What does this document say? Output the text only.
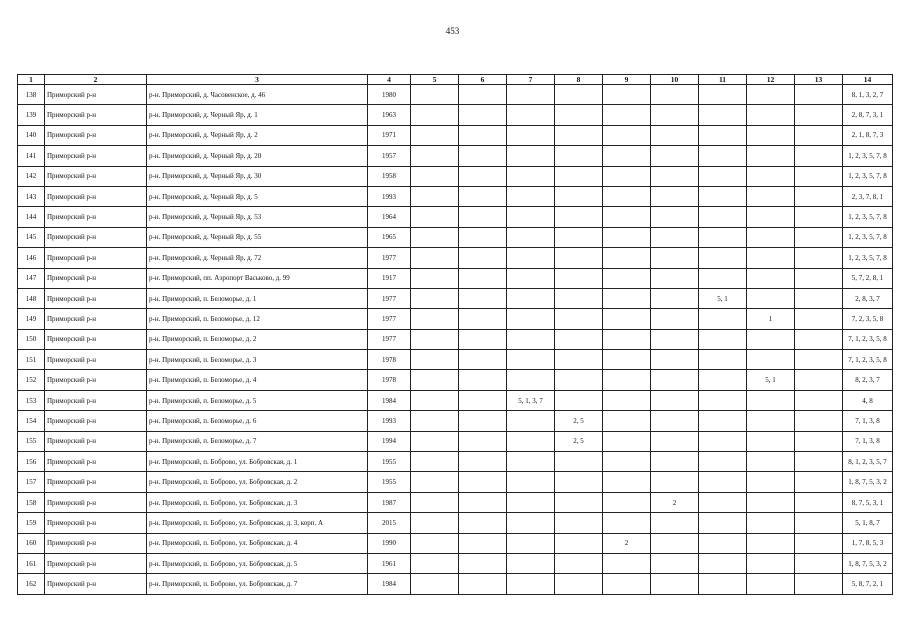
453
1	2	3	4	5	6	7	8	9	10	11	12	13	14
138	Приморский р-н	р-н. Приморский, д. Часовенское, д. 46	1980										8, 1, 3, 2, 7
139	Приморский р-н	р-н. Приморский, д. Черный Яр, д. 1	1963										2, 8, 7, 3, 1
140	Приморский р-н	р-н. Приморский, д. Черный Яр, д. 2	1971										2, 1, 8, 7, 3
141	Приморский р-н	р-н. Приморский, д. Черный Яр, д. 20	1957										1, 2, 3, 5, 7, 8
142	Приморский р-н	р-н. Приморский, д. Черный Яр, д. 30	1958										1, 2, 3, 5, 7, 8
143	Приморский р-н	р-н. Приморский, д. Черный Яр, д. 5	1993										2, 3, 7, 8, 1
144	Приморский р-н	р-н. Приморский, д. Черный Яр, д. 53	1964										1, 2, 3, 5, 7, 8
145	Приморский р-н	р-н. Приморский, д. Черный Яр, д. 55	1965										1, 2, 3, 5, 7, 8
146	Приморский р-н	р-н. Приморский, д. Черный Яр, д. 72	1977										1, 2, 3, 5, 7, 8
147	Приморский р-н	р-н. Приморский, пп. Аэропорт Васьково, д. 99	1917										5, 7, 2, 8, 1
148	Приморский р-н	р-н. Приморский, п. Беломорье, д. 1	1977							5, 1			2, 8, 3, 7
149	Приморский р-н	р-н. Приморский, п. Беломорье, д. 12	1977								1		7, 2, 3, 5, 8
150	Приморский р-н	р-н. Приморский, п. Беломорье, д. 2	1977										7, 1, 2, 3, 5, 8
151	Приморский р-н	р-н. Приморский, п. Беломорье, д. 3	1978										7, 1, 2, 3, 5, 8
152	Приморский р-н	р-н. Приморский, п. Беломорье, д. 4	1978								5, 1		8, 2, 3, 7
153	Приморский р-н	р-н. Приморский, п. Беломорье, д. 5	1984			5, 1, 3, 7							4, 8
154	Приморский р-н	р-н. Приморский, п. Беломорье, д. 6	1993				2, 5						7, 1, 3, 8
155	Приморский р-н	р-н. Приморский, п. Беломорье, д. 7	1994				2, 5						7, 1, 3, 8
156	Приморский р-н	р-н. Приморский, п. Боброво, ул. Бобровская, д. 1	1955										8, 1, 2, 3, 5, 7
157	Приморский р-н	р-н. Приморский, п. Боброво, ул. Бобровская, д. 2	1955										1, 8, 7, 5, 3, 2
158	Приморский р-н	р-н. Приморский, п. Боброво, ул. Бобровская, д. 3	1987						2				8, 7, 5, 3, 1
159	Приморский р-н	р-н. Приморский, п. Боброво, ул. Бобровская, д. 3, корп. А	2015										5, 1, 8, 7
160	Приморский р-н	р-н. Приморский, п. Боброво, ул. Бобровская, д. 4	1990					2					1, 7, 8, 5, 3
161	Приморский р-н	р-н. Приморский, п. Боброво, ул. Бобровская, д. 5	1961										1, 8, 7, 5, 3, 2
162	Приморский р-н	р-н. Приморский, п. Боброво, ул. Бобровская, д. 7	1984										5, 8, 7, 2, 1
